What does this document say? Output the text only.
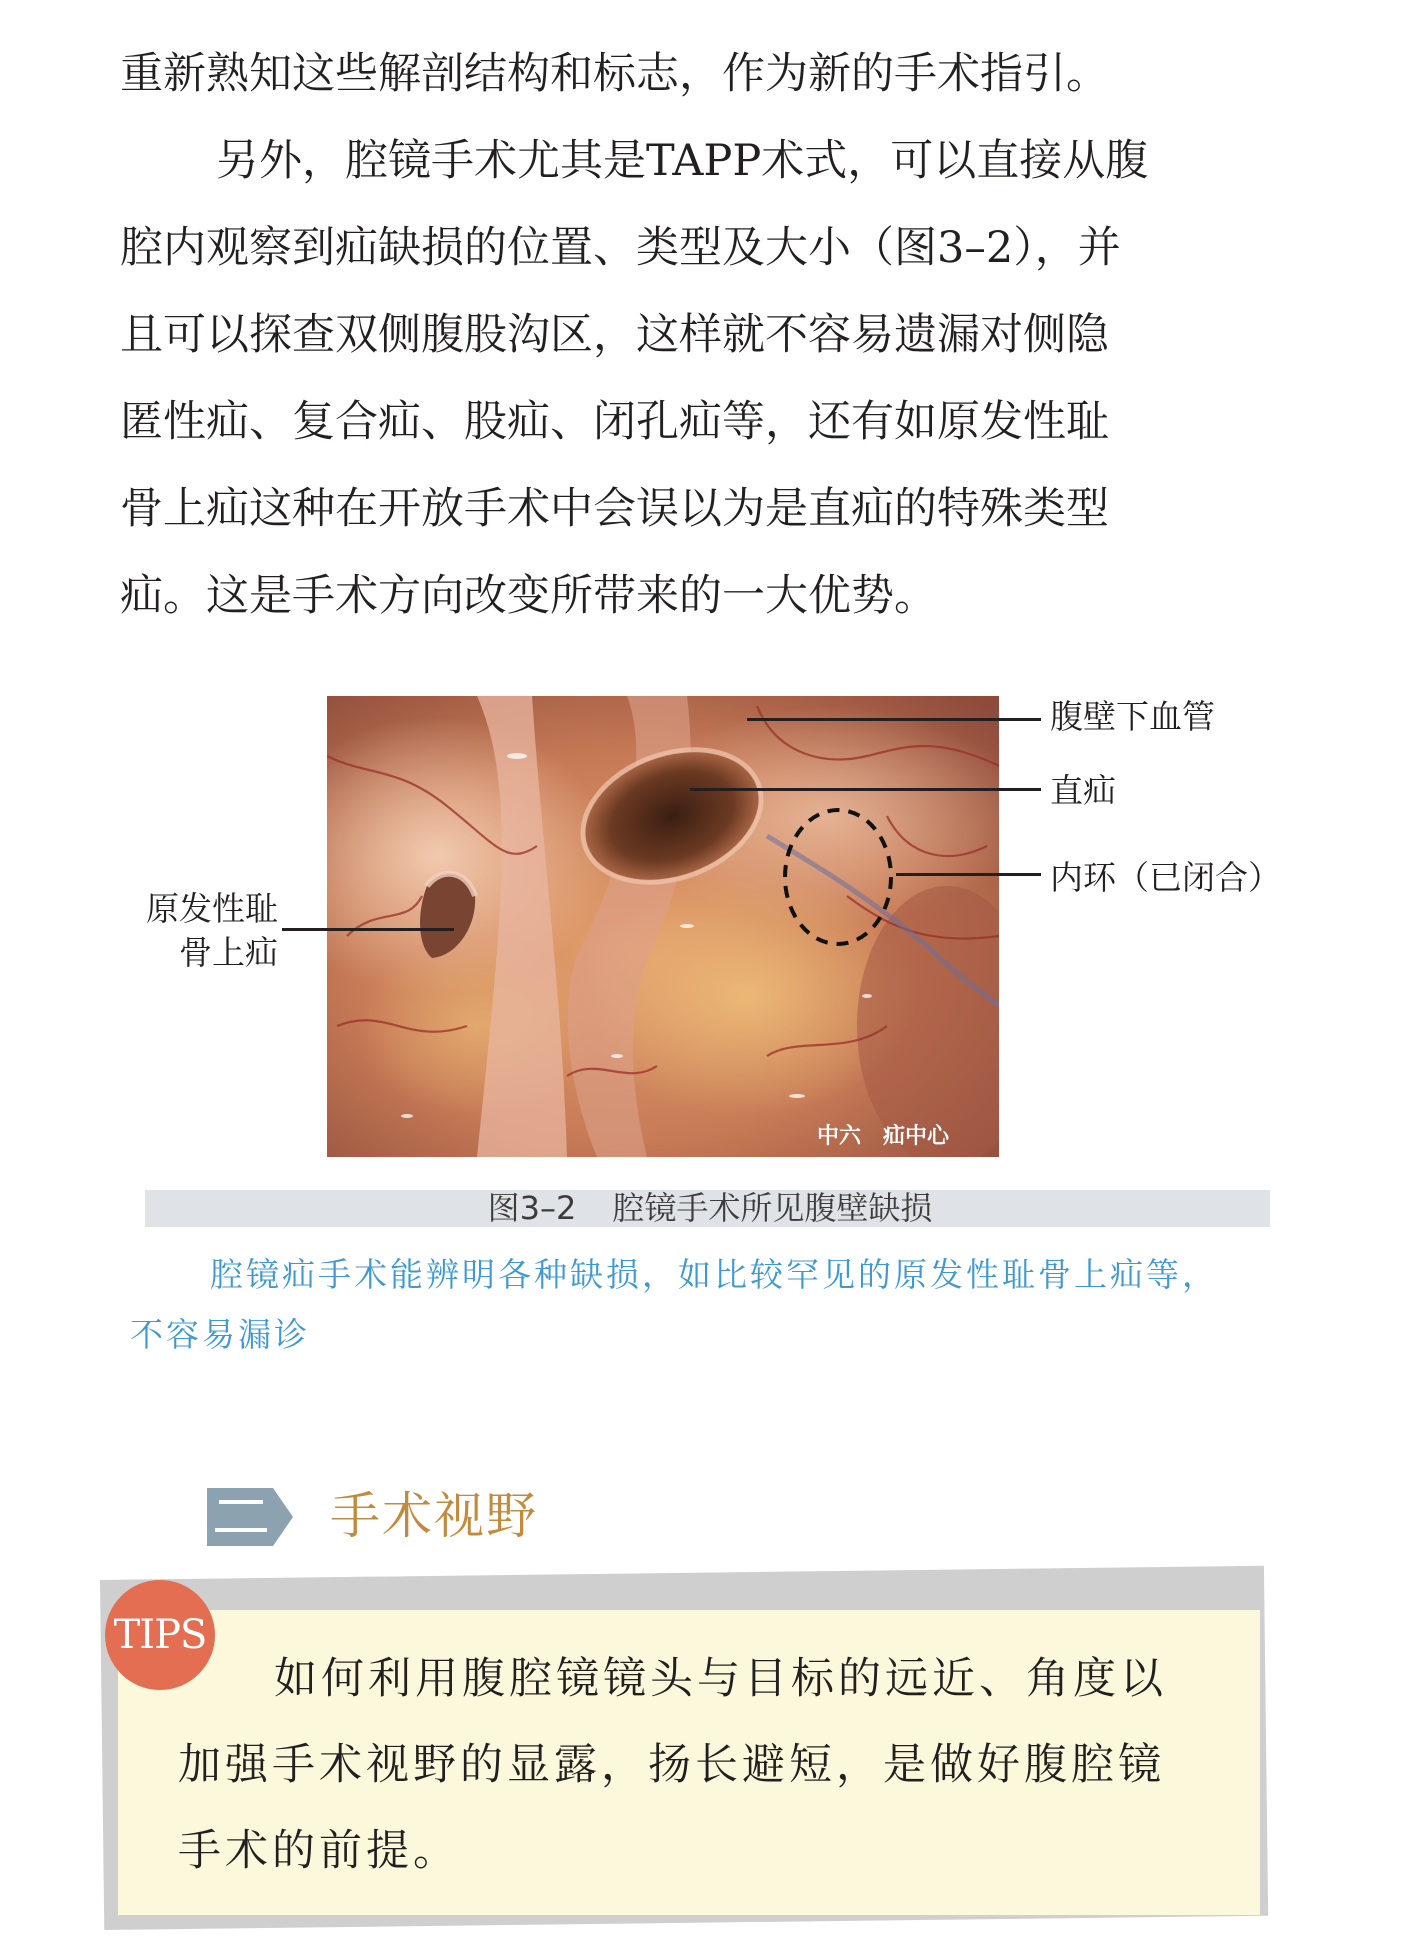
重新熟知这些解剖结构和标志，作为新的手术指引。

另外，腔镜手术尤其是TAPP术式，可以直接从腹
腔内观察到疝缺损的位置、类型及大小（图3–2），并
且可以探查双侧腹股沟区，这样就不容易遗漏对侧隐
匿性疝、复合疝、股疝、闭孔疝等，还有如原发性耻
骨上疝这种在开放手术中会误以为是直疝的特殊类型
疝。这是手术方向改变所带来的一大优势。

中六　疝中心
腹壁下血管
直疝
内环（已闭合）
原发性耻
骨上疝
图3–2 腔镜手术所见腹壁缺损
腔镜疝手术能辨明各种缺损，如比较罕见的原发性耻骨上疝等，
不容易漏诊
手术视野
如何利用腹腔镜镜头与目标的远近、角度以
加强手术视野的显露，扬长避短，是做好腹腔镜
手术的前提。
TIPS
